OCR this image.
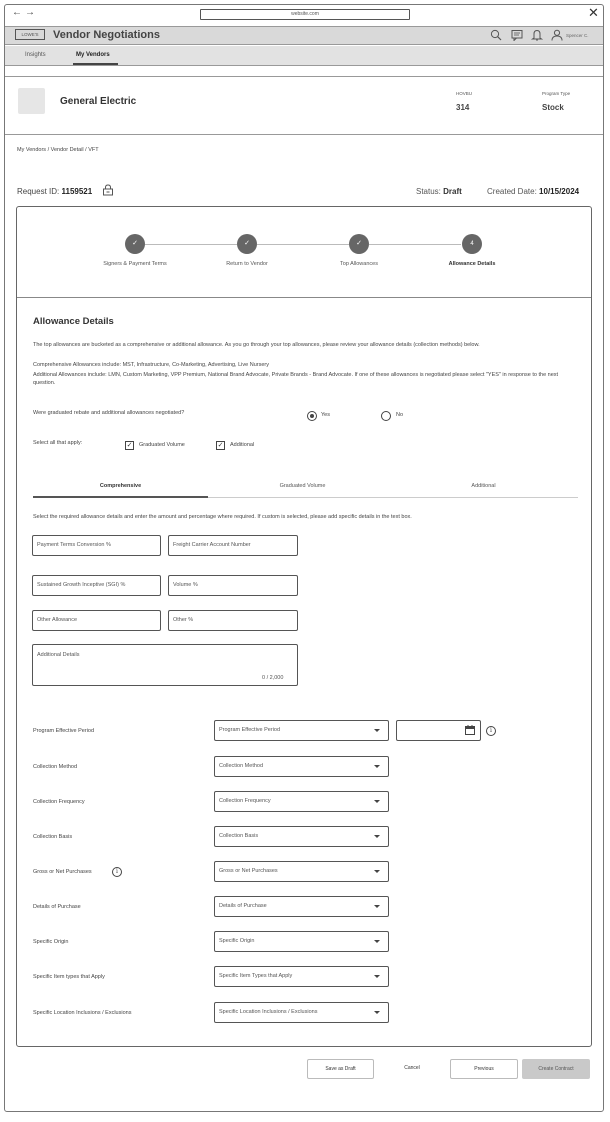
←→	website.com	✕
LOWE'S	Vendor Negotiations	Spencer C.
Insights	My Vendors
General Electric
HOVBU
314
Program Type
Stock
My Vendors / Vendor Detail / VFT
Request ID: 1159521	Status: Draft	Created Date: 10/15/2024
✓	✓	✓	4
Signers & Payment Terms	Return to Vendor	Top Allowances	Allowance Details
Allowance Details
The top allowances are bucketed as a comprehensive or additional allowance. As you go through your top allowances, please review your allowance details (collection methods) below.
Comprehensive Allowances include: MST, Infrastructure, Co-Marketing, Advertising, Live Nursery
Additional Allowances include: LMN, Custom Marketing, VPP Premium, National Brand Advocate, Private Brands - Brand Advocate. If one of these allowances is negotiated please select "YES" in response to the next question.
Were graduated rebate and additional allowances negotiated?	Yes	No
Select all that apply:	✓ Graduated Volume	✓ Additional
Comprehensive	Graduated Volume	Additional
Select the required allowance details and enter the amount and percentage where required. If custom is selected, please add specific details in the text box.
Payment Terms Conversion %	Freight Carrier Account Number
Sustained Growth Inceptive (SGI) %	Volume %
Other Allowance	Other %
Additional Details
0 / 2,000
Program Effective Period	Program Effective Period	i
Collection Method	Collection Method
Collection Frequency	Collection Frequency
Collection Basis	Collection Basis
Gross or Net Purchases	i	Gross or Net Purchases
Details of Purchase	Details of Purchase
Specific Origin	Specific Origin
Specific Item types that Apply	Specific Item Types that Apply
Specific Location Inclusions / Exclusions	Specific Location Inclusions / Exclusions
Save as Draft	Cancel	Previous	Create Contract
